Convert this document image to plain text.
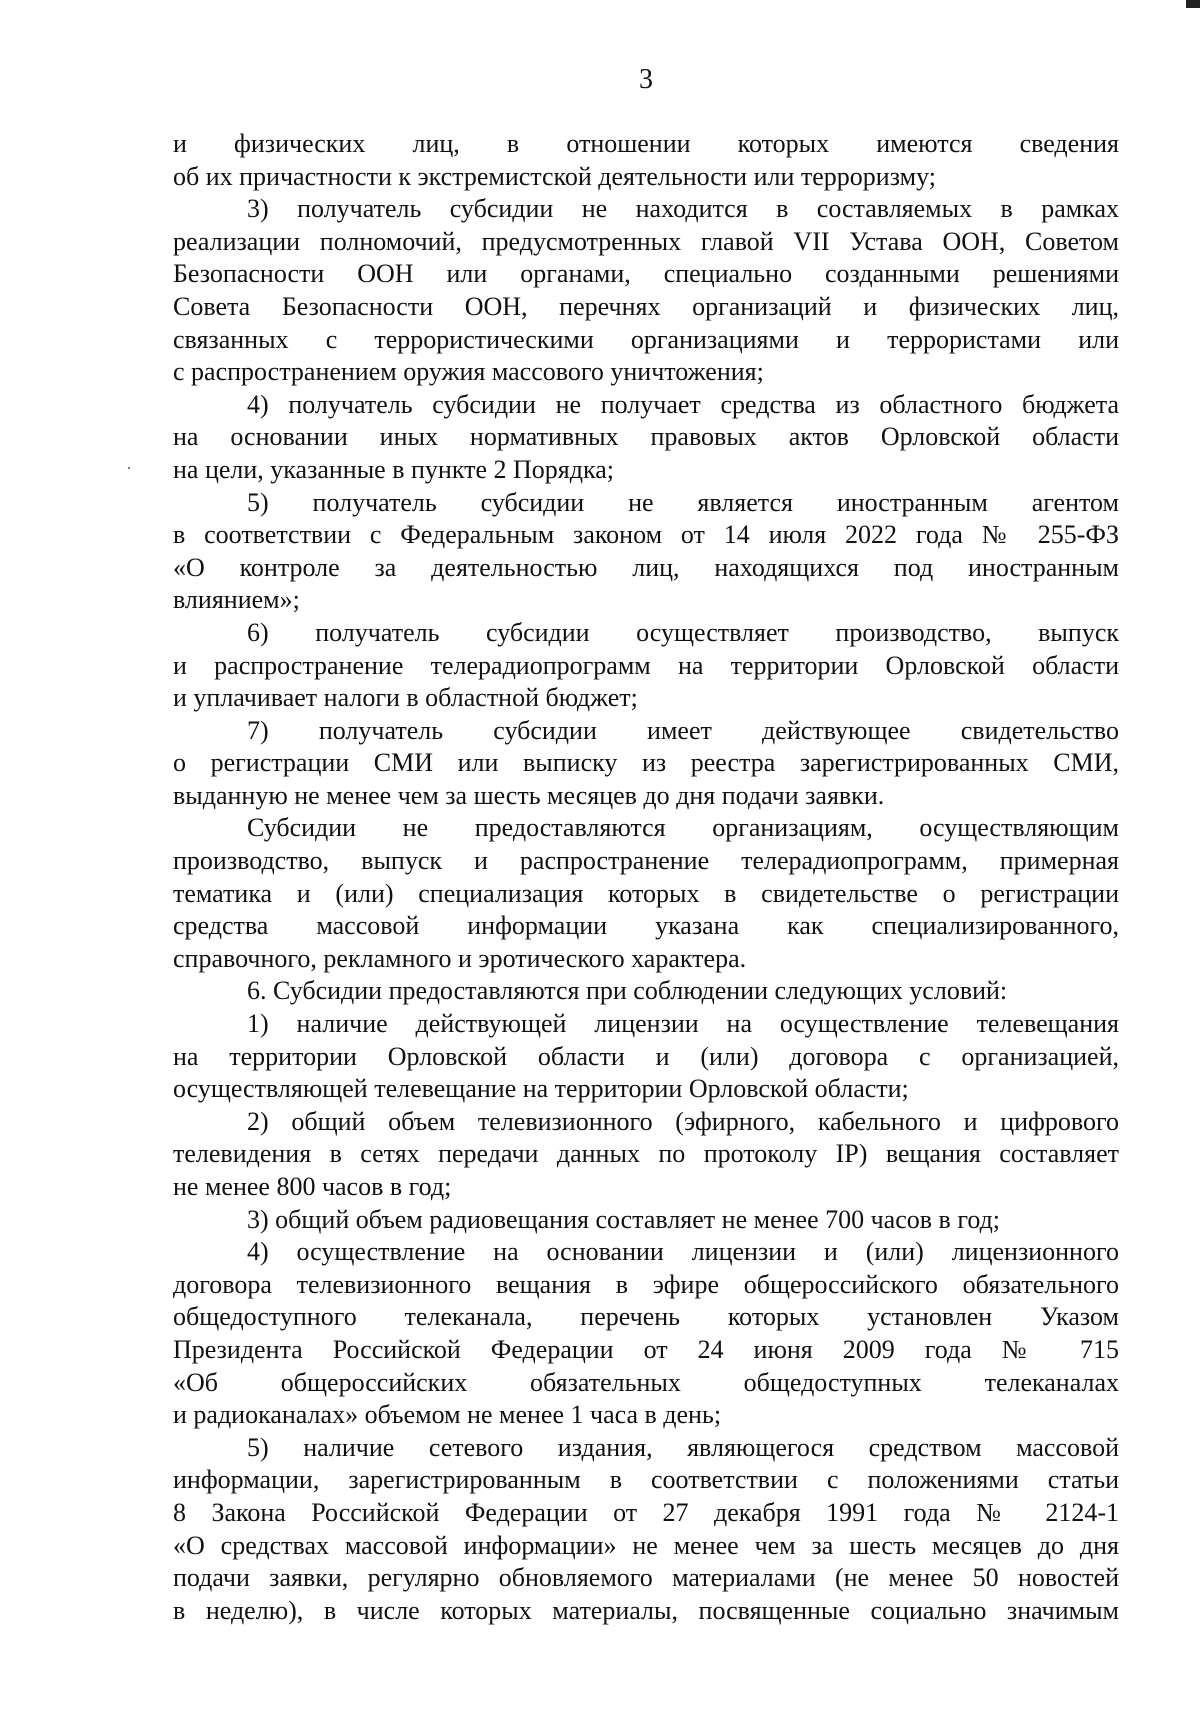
3
и физических лиц, в отношении которых имеются сведения
об их причастности к экстремистской деятельности или терроризму;
3) получатель субсидии не находится в составляемых в рамках
реализации полномочий, предусмотренных главой VII Устава ООН, Советом
Безопасности ООН или органами, специально созданными решениями
Совета Безопасности ООН, перечнях организаций и физических лиц,
связанных с террористическими организациями и террористами или
с распространением оружия массового уничтожения;
4) получатель субсидии не получает средства из областного бюджета
на основании иных нормативных правовых актов Орловской области
на цели, указанные в пункте 2 Порядка;
5) получатель субсидии не является иностранным агентом
в соответствии с Федеральным законом от 14 июля 2022 года № 255-ФЗ
«О контроле за деятельностью лиц, находящихся под иностранным
влиянием»;
6) получатель субсидии осуществляет производство, выпуск
и распространение телерадиопрограмм на территории Орловской области
и уплачивает налоги в областной бюджет;
7) получатель субсидии имеет действующее свидетельство
о регистрации СМИ или выписку из реестра зарегистрированных СМИ,
выданную не менее чем за шесть месяцев до дня подачи заявки.
Субсидии не предоставляются организациям, осуществляющим
производство, выпуск и распространение телерадиопрограмм, примерная
тематика и (или) специализация которых в свидетельстве о регистрации
средства массовой информации указана как специализированного,
справочного, рекламного и эротического характера.
6. Субсидии предоставляются при соблюдении следующих условий:
1) наличие действующей лицензии на осуществление телевещания
на территории Орловской области и (или) договора с организацией,
осуществляющей телевещание на территории Орловской области;
2) общий объем телевизионного (эфирного, кабельного и цифрового
телевидения в сетях передачи данных по протоколу IP) вещания составляет
не менее 800 часов в год;
3) общий объем радиовещания составляет не менее 700 часов в год;
4) осуществление на основании лицензии и (или) лицензионного
договора телевизионного вещания в эфире общероссийского обязательного
общедоступного телеканала, перечень которых установлен Указом
Президента Российской Федерации от 24 июня 2009 года № 715
«Об общероссийских обязательных общедоступных телеканалах
и радиоканалах» объемом не менее 1 часа в день;
5) наличие сетевого издания, являющегося средством массовой
информации, зарегистрированным в соответствии с положениями статьи
8 Закона Российской Федерации от 27 декабря 1991 года № 2124-1
«О средствах массовой информации» не менее чем за шесть месяцев до дня
подачи заявки, регулярно обновляемого материалами (не менее 50 новостей
в неделю), в числе которых материалы, посвященные социально значимым
